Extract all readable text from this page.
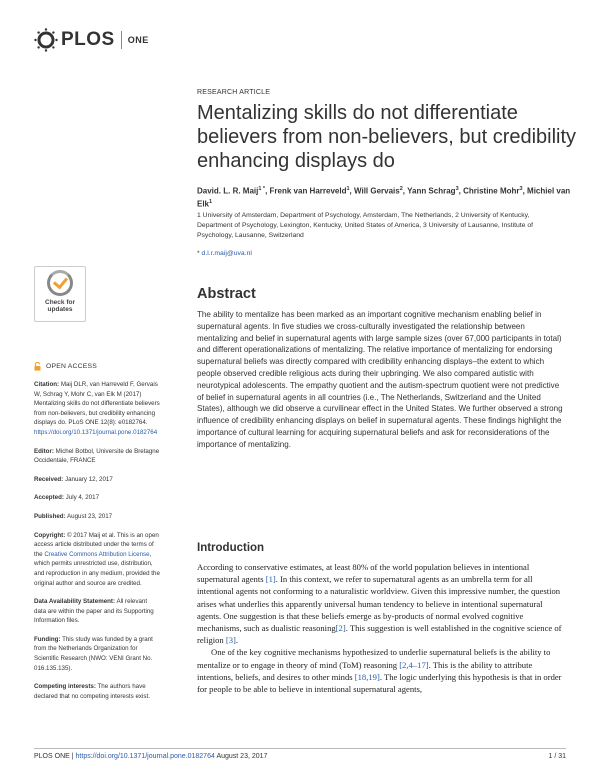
PLOS ONE
RESEARCH ARTICLE
Mentalizing skills do not differentiate believers from non-believers, but credibility enhancing displays do
David. L. R. Maij$^{1 *}$, Frenk van Harreveld$^1$, Will Gervais$^2$, Yann Schrag$^3$, Christine Mohr$^3$, Michiel van Elk$^1$
1 University of Amsterdam, Department of Psychology, Amsterdam, The Netherlands, 2 University of Kentucky, Department of Psychology, Lexington, Kentucky, United States of America, 3 University of Lausanne, Institute of Psychology, Lausanne, Switzerland
* d.l.r.maij@uva.nl
Abstract

The ability to mentalize has been marked as an important cognitive mechanism enabling belief in supernatural agents. In five studies we cross-culturally investigated the relationship between mentalizing and belief in supernatural agents with large sample sizes (over 67,000 participants in total) and different operationalizations of mentalizing. The relative importance of mentalizing for endorsing supernatural beliefs was directly compared with credibility enhancing displays–the extent to which people observed credible religious acts during their upbringing. We also compared autistic with neurotypical adolescents. The empathy quotient and the autism-spectrum quotient were not predictive of belief in supernatural agents in all countries (i.e., The Netherlands, Switzerland and the United States), although we did observe a curvilinear effect in the United States. We further observed a strong influence of credibility enhancing displays on belief in supernatural agents. These findings highlight the importance of cultural learning for acquiring supernatural beliefs and ask for reconsiderations of the importance of mentalizing.

Introduction

According to conservative estimates, at least 80% of the world population believes in intentional supernatural agents [1]. In this context, we refer to supernatural agents as an umbrella term for all intentional agents not conforming to a naturalistic worldview. Given this impressive number, the question arises what underlies this apparently universal human tendency to believe in intentional supernatural agents. One suggestion is that these beliefs emerge as by-products of normal evolved cognitive mechanisms, such as dualistic reasoning[2]. This suggestion is well established in the cognitive science of religion [3].

One of the key cognitive mechanisms hypothesized to underlie supernatural beliefs is the ability to mentalize or to engage in theory of mind (ToM) reasoning [2,4–17]. This is the ability to attribute intentions, beliefs, and desires to other minds [18,19]. The logic underlying this hypothesis is that in order for people to be able to believe in intentional supernatural agents,

Check for updates
OPEN ACCESS
Citation: Maij DLR, van Harreveld F, Gervais W, Schrag Y, Mohr C, van Elk M (2017) Mentalizing skills do not differentiate believers from non-believers, but credibility enhancing displays do. PLoS ONE 12(8): e0182764. https://doi.org/10.1371/journal.pone.0182764
Editor: Michel Botbol, Universite de Bretagne Occidentale, FRANCE
Received: January 12, 2017
Accepted: July 4, 2017
Published: August 23, 2017
Copyright: © 2017 Maij et al. This is an open access article distributed under the terms of the Creative Commons Attribution License, which permits unrestricted use, distribution, and reproduction in any medium, provided the original author and source are credited.
Data Availability Statement: All relevant data are within the paper and its Supporting Information files.
Funding: This study was funded by a grant from the Netherlands Organization for Scientific Research (NWO: VENI Grant No. 016.135.135).
Competing interests: The authors have declared that no competing interests exist.
PLOS ONE | https://doi.org/10.1371/journal.pone.0182764 August 23, 2017	1 / 31
